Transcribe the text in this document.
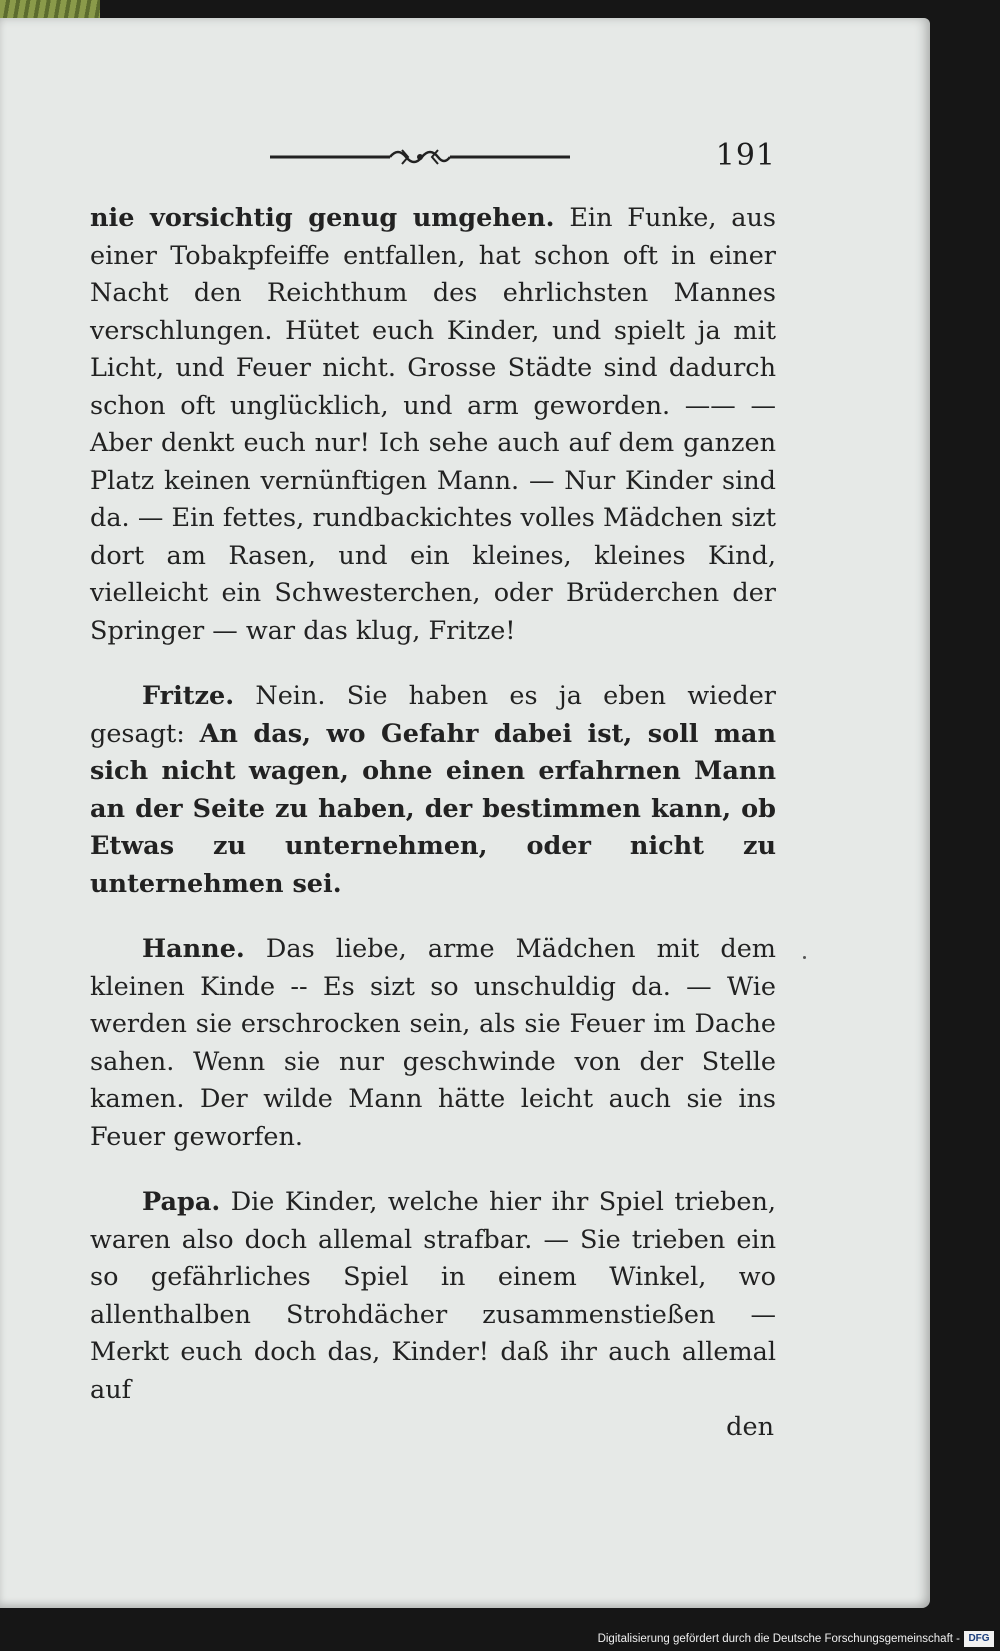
191

nie vorsichtig genug umgehen. Ein Funke, aus einer Tobakpfeiffe entfallen, hat schon oft in einer Nacht den Reichthum des ehrlichsten Mannes verschlungen. Hütet euch Kinder, und spielt ja mit Licht, und Feuer nicht. Grosse Städte sind dadurch schon oft unglücklich, und arm geworden. —— — Aber denkt euch nur! Ich sehe auch auf dem ganzen Platz keinen vernünftigen Mann. — Nur Kinder sind da. — Ein fettes, rundbackichtes volles Mädchen sizt dort am Rasen, und ein kleines, kleines Kind, vielleicht ein Schwesterchen, oder Brüderchen der Springer — war das klug, Fritze!

Fritze. Nein. Sie haben es ja eben wieder gesagt: An das, wo Gefahr dabei ist, soll man sich nicht wagen, ohne einen erfahrnen Mann an der Seite zu haben, der bestimmen kann, ob Etwas zu unternehmen, oder nicht zu unternehmen sei.

Hanne. Das liebe, arme Mädchen mit dem kleinen Kinde -- Es sizt so unschuldig da. — Wie werden sie erschrocken sein, als sie Feuer im Dache sahen. Wenn sie nur geschwinde von der Stelle kamen. Der wilde Mann hätte leicht auch sie ins Feuer geworfen.

Papa. Die Kinder, welche hier ihr Spiel trieben, waren also doch allemal strafbar. — Sie trieben ein so gefährliches Spiel in einem Winkel, wo allenthalben Strohdächer zusammenstießen — Merkt euch doch das, Kinder! daß ihr auch allemal auf
den

Digitalisierung gefördert durch die Deutsche Forschungsgemeinschaft - DFG
